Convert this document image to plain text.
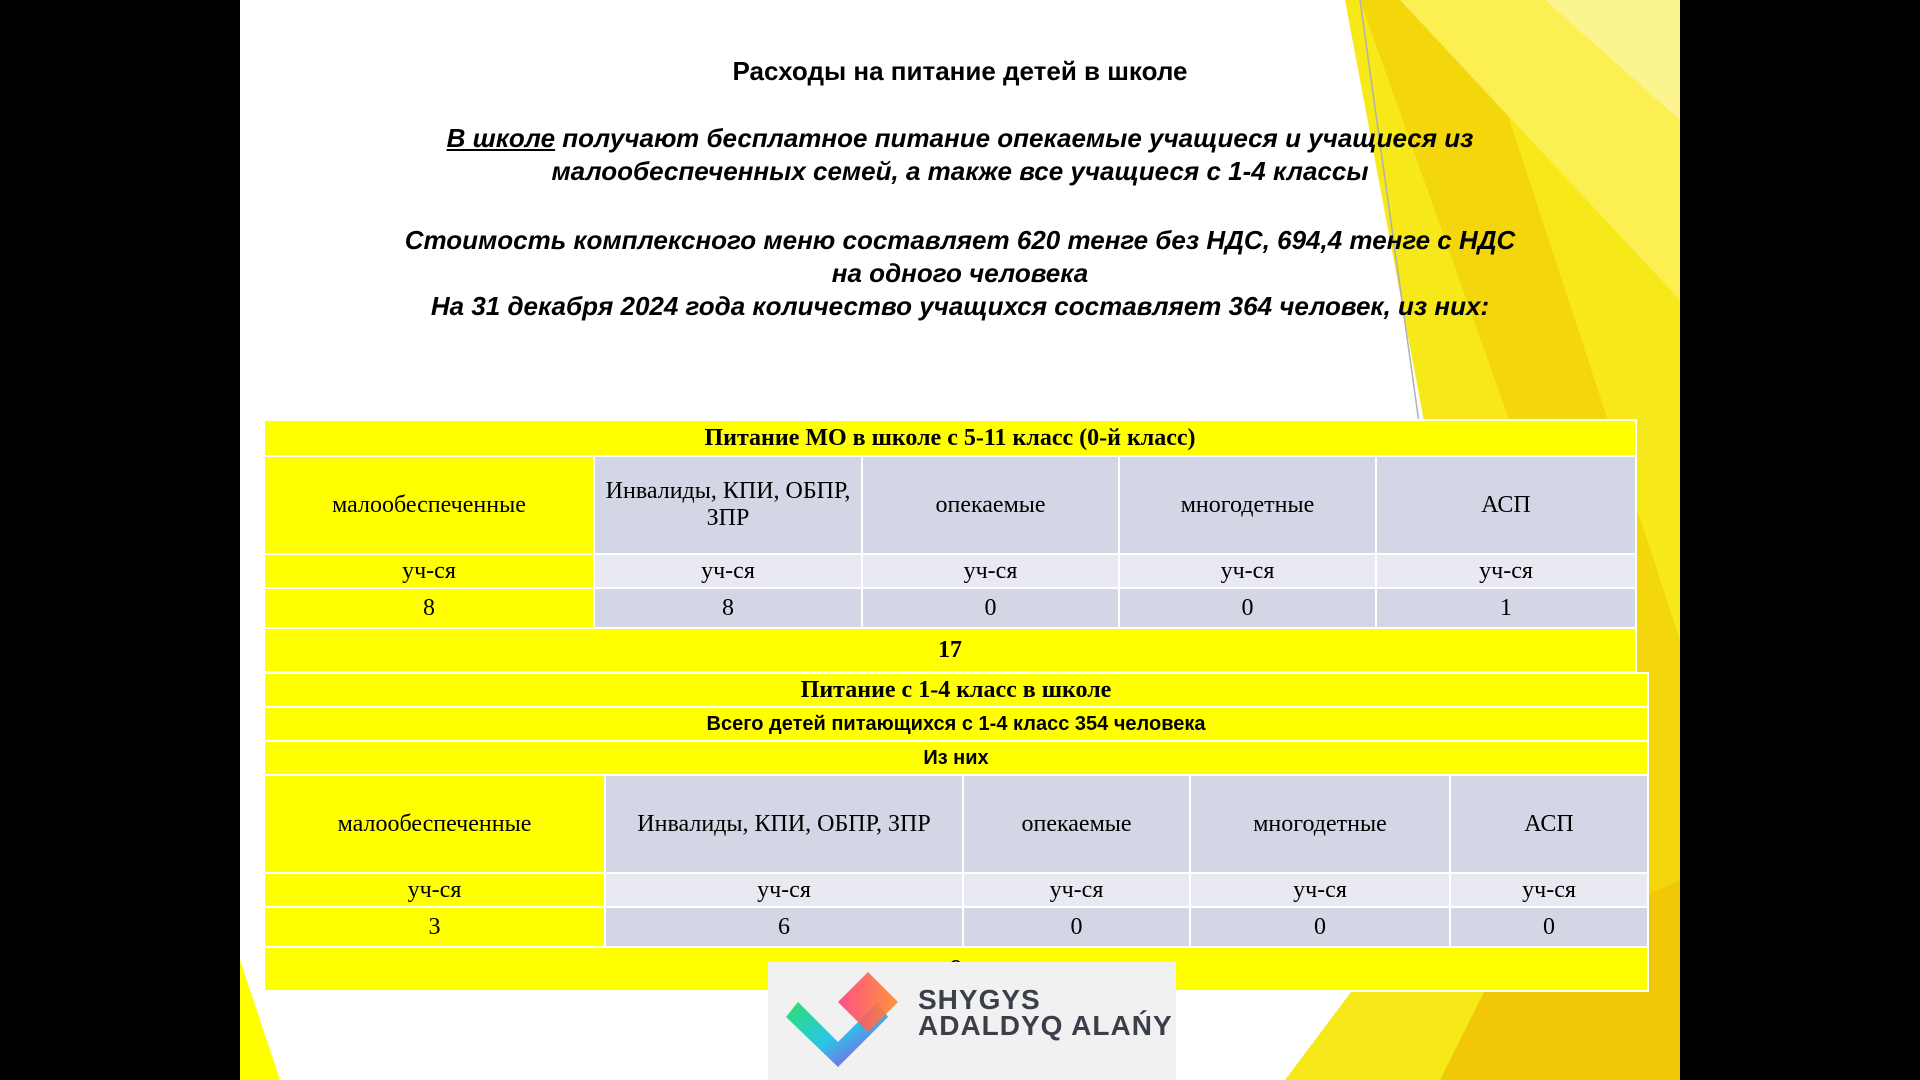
Расходы на питание детей в школе
В школе получают бесплатное питание опекаемые учащиеся и учащиеся из
малообеспеченных семей, а также все учащиеся с 1-4 классы
Стоимость комплексного меню составляет 620 тенге без НДС, 694,4 тенге с НДС
на одного человека
На 31 декабря 2024 года количество учащихся составляет 364 человек, из них:
Питание МО в школе с 5-11 класс (0-й класс)				
малообеспеченные	Инвалиды, КПИ, ОБПР, ЗПР	опекаемые	многодетные	АСП
уч-ся	уч-ся	уч-ся	уч-ся	уч-ся
8	8	0	0	1
17				
Питание с 1-4 класс в школе				
Всего детей питающихся с 1-4 класс 354 человека				
Из них				
малообеспеченные	Инвалиды, КПИ, ОБПР, ЗПР	опекаемые	многодетные	АСП
уч-ся	уч-ся	уч-ся	уч-ся	уч-ся
3	6	0	0	0

SHYGYS
ADALDYQ ALAŃY
